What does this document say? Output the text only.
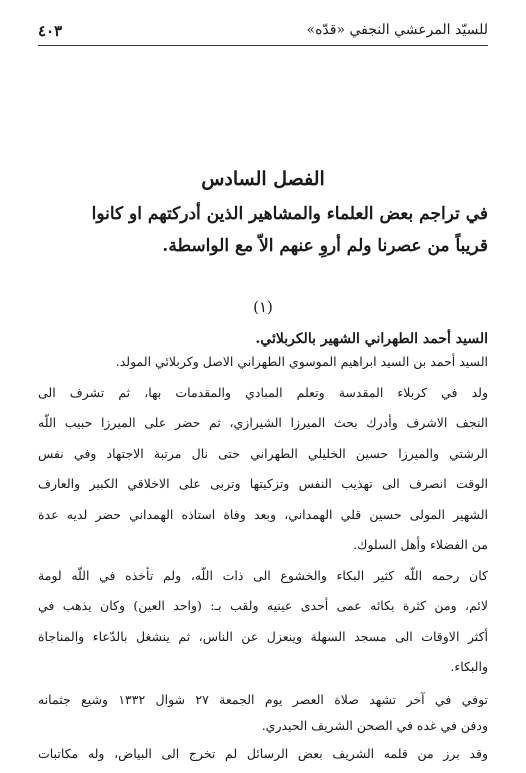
للسيّد المرعشي النجفي «قدّه»
٤٠٣
الفصل السادس
في تراجم بعض العلماء والمشاهير الذين أدركتهم او كانوا
قريباً من عصرنا ولم أروِ عنهم الاّ مع الواسطة.
(١)
السيد أحمد الطهراني الشهير بالكربلائي.
السيد أحمد بن السيد ابراهيم الموسوي الطهراني الاصل وكربلائي المولد.
ولد في كربلاء المقدسة وتعلم المبادي والمقدمات بها، ثم تشرف الى
النجف الاشرف وأدرك بحث الميرزا الشيرازي، ثم حضر على الميرزا حبيب اللّه
الرشتي والميرزا حسين الخليلي الطهراني حتى نال مرتبة الاجتهاد وفي نفس
الوقت انصرف الى تهذيب النفس وتزكيتها وتربى على الاخلاقي الكبير والعارف
الشهير المولى حسين قلي الهمداني، وبعد وفاة استاذه الهمداني حضر لديه عدة
من الفضلاء وأهل السلوك.
كان رحمه اللّه كثير البكاء والخشوع الى ذات اللّه، ولم تأخذه في اللّه لومة
لائم، ومن كثرة بكائه عمى أحدى عينيه ولقب بـ: (واحد العين) وكان يذهب في
أكثر الاوقات الى مسجد السهلة وينعزل عن الناس، ثم ينشغل بالدّعاء والمناجاة
والبكاء.
توفي في آخر تشهد صلاة العصر يوم الجمعة ٢٧ شوال ١٣٣٢ وشيع جثمانه
ودفن في غده في الصحن الشريف الحيدري.
وقد برز من قلمه الشريف بعض الرسائل لم تخرج الى البياض، وله مكاتبات
